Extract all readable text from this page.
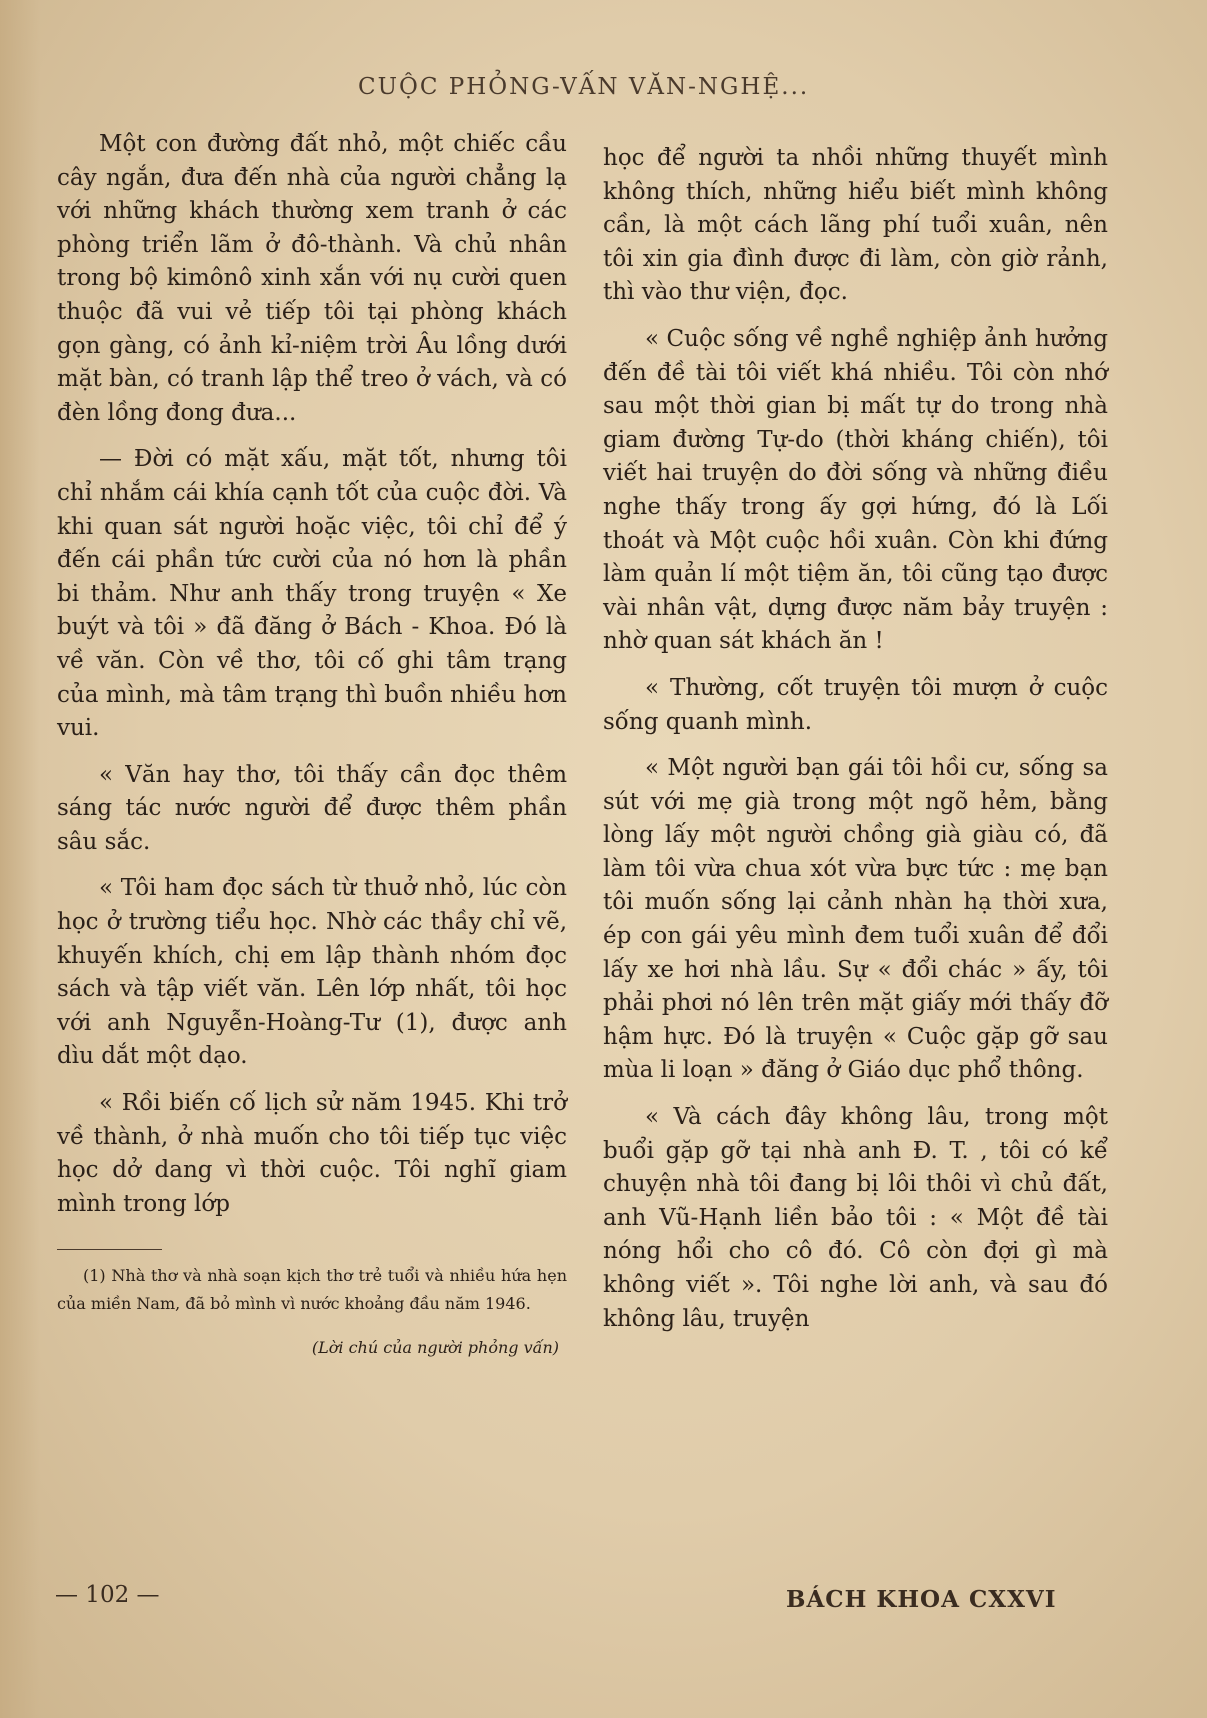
CUỘC PHỎNG-VẤN VĂN-NGHỆ...

Một con đường đất nhỏ, một chiếc cầu cây ngắn, đưa đến nhà của người chẳng lạ với những khách thường xem tranh ở các phòng triển lãm ở đô-thành. Và chủ nhân trong bộ kimônô xinh xắn với nụ cười quen thuộc đã vui vẻ tiếp tôi tại phòng khách gọn gàng, có ảnh kỉ-niệm trời Âu lồng dưới mặt bàn, có tranh lập thể treo ở vách, và có đèn lồng đong đưa...

— Đời có mặt xấu, mặt tốt, nhưng tôi chỉ nhắm cái khía cạnh tốt của cuộc đời. Và khi quan sát người hoặc việc, tôi chỉ để ý đến cái phần tức cười của nó hơn là phần bi thảm. Như anh thấy trong truyện « Xe buýt và tôi » đã đăng ở Bách - Khoa. Đó là về văn. Còn về thơ, tôi cố ghi tâm trạng của mình, mà tâm trạng thì buồn nhiều hơn vui.

« Văn hay thơ, tôi thấy cần đọc thêm sáng tác nước người để được thêm phần sâu sắc.

« Tôi ham đọc sách từ thuở nhỏ, lúc còn học ở trường tiểu học. Nhờ các thầy chỉ vẽ, khuyến khích, chị em lập thành nhóm đọc sách và tập viết văn. Lên lớp nhất, tôi học với anh Nguyễn-Hoàng-Tư (1), được anh dìu dắt một dạo.

« Rồi biến cố lịch sử năm 1945. Khi trở về thành, ở nhà muốn cho tôi tiếp tục việc học dở dang vì thời cuộc. Tôi nghĩ giam mình trong lớp

(1) Nhà thơ và nhà soạn kịch thơ trẻ tuổi và nhiều hứa hẹn của miền Nam, đã bỏ mình vì nước khoảng đầu năm 1946.

(Lời chú của người phỏng vấn)

học để người ta nhồi những thuyết mình không thích, những hiểu biết mình không cần, là một cách lãng phí tuổi xuân, nên tôi xin gia đình được đi làm, còn giờ rảnh, thì vào thư viện, đọc.

« Cuộc sống về nghề nghiệp ảnh hưởng đến đề tài tôi viết khá nhiều. Tôi còn nhớ sau một thời gian bị mất tự do trong nhà giam đường Tự-do (thời kháng chiến), tôi viết hai truyện do đời sống và những điều nghe thấy trong ấy gợi hứng, đó là Lối thoát và Một cuộc hồi xuân. Còn khi đứng làm quản lí một tiệm ăn, tôi cũng tạo được vài nhân vật, dựng được năm bảy truyện : nhờ quan sát khách ăn !

« Thường, cốt truyện tôi mượn ở cuộc sống quanh mình.

« Một người bạn gái tôi hồi cư, sống sa sút với mẹ già trong một ngõ hẻm, bằng lòng lấy một người chồng già giàu có, đã làm tôi vừa chua xót vừa bực tức : mẹ bạn tôi muốn sống lại cảnh nhàn hạ thời xưa, ép con gái yêu mình đem tuổi xuân để đổi lấy xe hơi nhà lầu. Sự « đổi chác » ấy, tôi phải phơi nó lên trên mặt giấy mới thấy đỡ hậm hực. Đó là truyện « Cuộc gặp gỡ sau mùa li loạn » đăng ở Giáo dục phổ thông.

« Và cách đây không lâu, trong một buổi gặp gỡ tại nhà anh Đ. T. , tôi có kể chuyện nhà tôi đang bị lôi thôi vì chủ đất, anh Vũ-Hạnh liền bảo tôi : « Một đề tài nóng hổi cho cô đó. Cô còn đợi gì mà không viết ». Tôi nghe lời anh, và sau đó không lâu, truyện

— 102 —	BÁCH KHOA CXXVI
